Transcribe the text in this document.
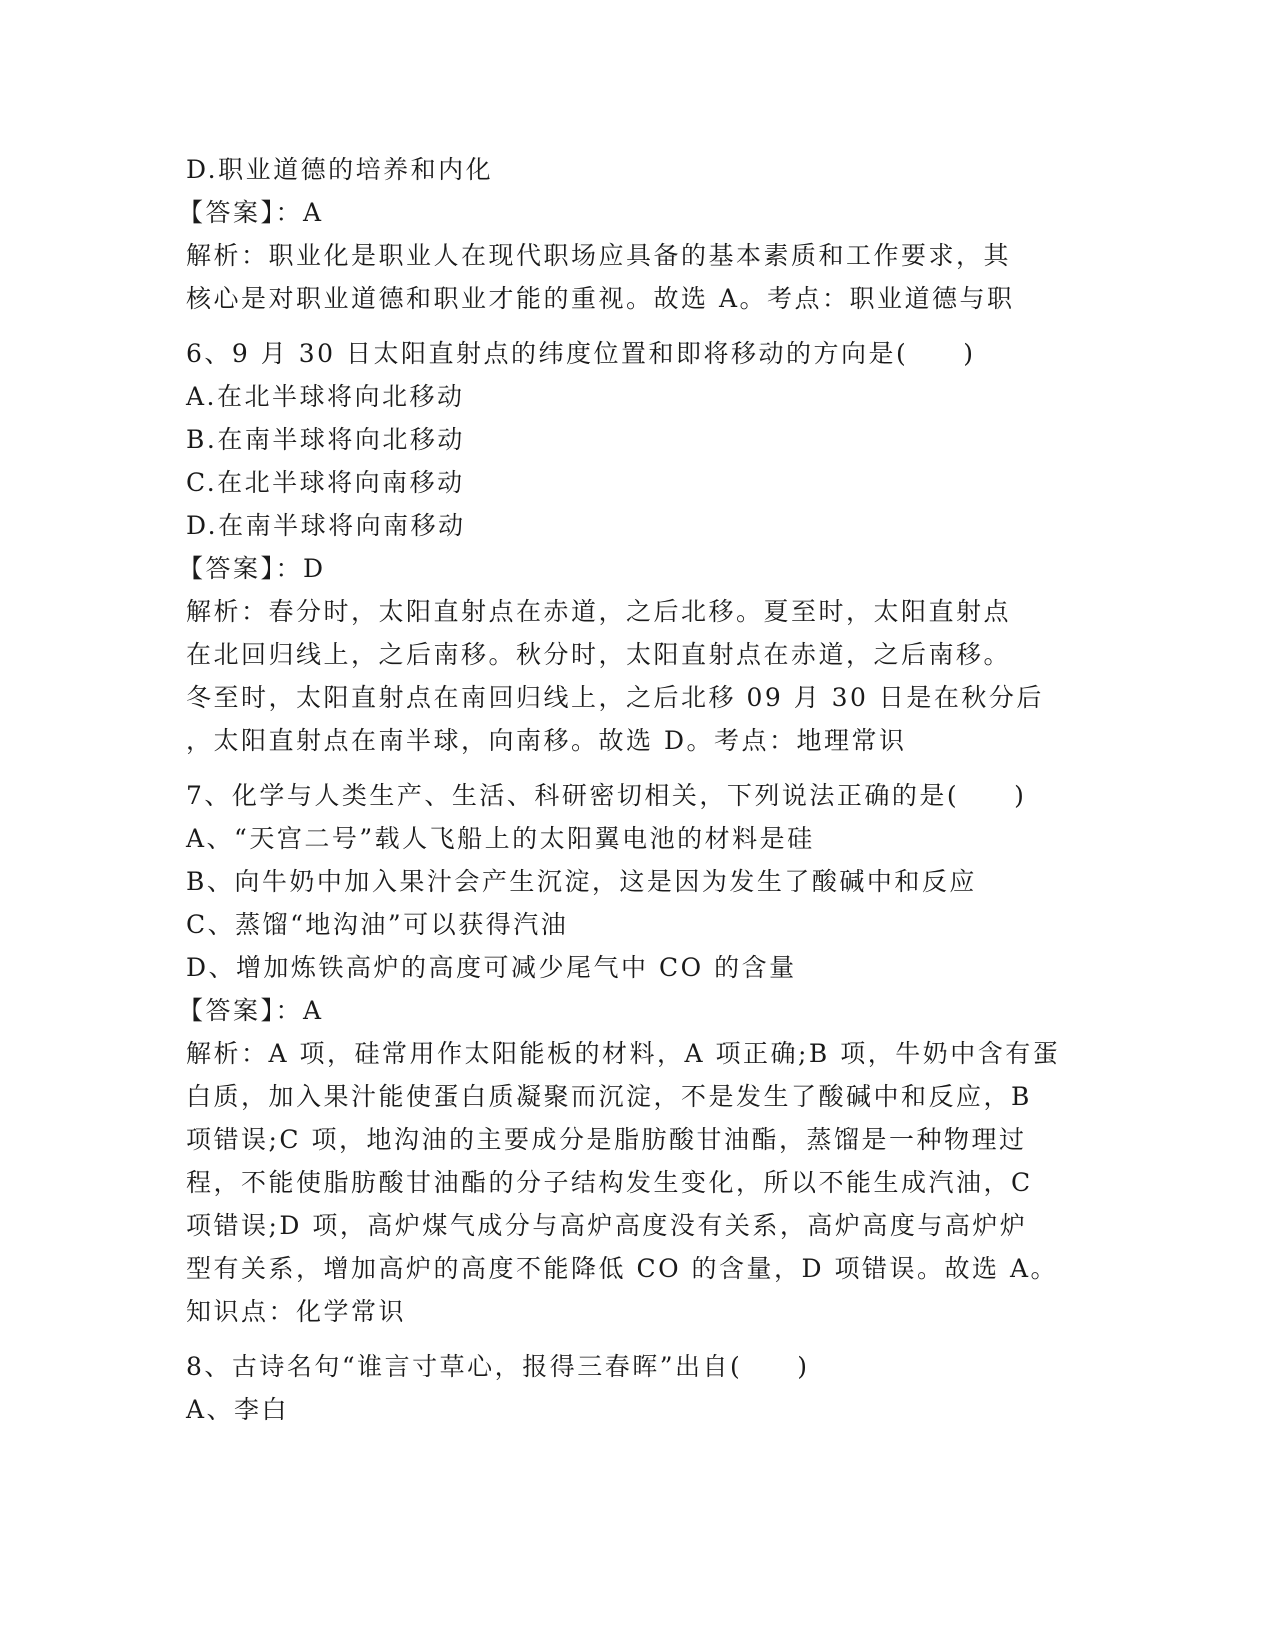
D.职业道德的培养和内化
【答案】：A
解析：职业化是职业人在现代职场应具备的基本素质和工作要求，其
核心是对职业道德和职业才能的重视。故选 A。考点：职业道德与职
6、9 月 30 日太阳直射点的纬度位置和即将移动的方向是(　　)
A.在北半球将向北移动
B.在南半球将向北移动
C.在北半球将向南移动
D.在南半球将向南移动
【答案】：D
解析：春分时，太阳直射点在赤道，之后北移。夏至时，太阳直射点
在北回归线上，之后南移。秋分时，太阳直射点在赤道，之后南移。
冬至时，太阳直射点在南回归线上，之后北移 09 月 30 日是在秋分后
，太阳直射点在南半球，向南移。故选 D。考点：地理常识
7、化学与人类生产、生活、科研密切相关，下列说法正确的是(　　)
A、“天宫二号”载人飞船上的太阳翼电池的材料是硅
B、向牛奶中加入果汁会产生沉淀，这是因为发生了酸碱中和反应
C、蒸馏“地沟油”可以获得汽油
D、增加炼铁高炉的高度可减少尾气中 CO 的含量
【答案】：A
解析：A 项，硅常用作太阳能板的材料，A 项正确;B 项，牛奶中含有蛋
白质，加入果汁能使蛋白质凝聚而沉淀，不是发生了酸碱中和反应，B
项错误;C 项，地沟油的主要成分是脂肪酸甘油酯，蒸馏是一种物理过
程，不能使脂肪酸甘油酯的分子结构发生变化，所以不能生成汽油，C
项错误;D 项，高炉煤气成分与高炉高度没有关系，高炉高度与高炉炉
型有关系，增加高炉的高度不能降低 CO 的含量，D 项错误。故选 A。
知识点：化学常识
8、古诗名句“谁言寸草心，报得三春晖”出自(　　)
A、李白
